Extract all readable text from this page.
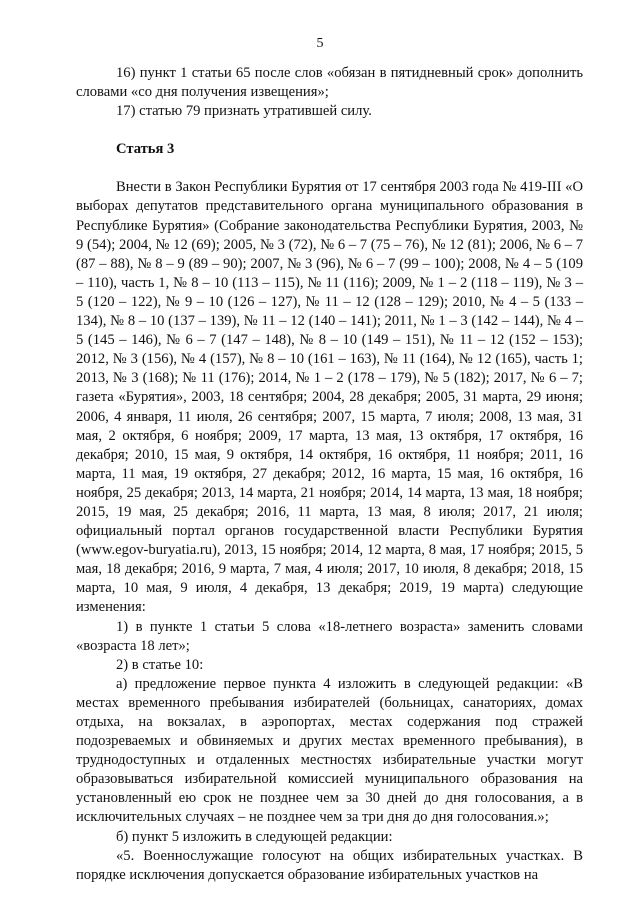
5

16) пункт 1 статьи 65 после слов «обязан в пятидневный срок» дополнить словами «со дня получения извещения»;

17) статью 79 признать утратившей силу.

Статья 3

Внести в Закон Республики Бурятия от 17 сентября 2003 года № 419-III «О выборах депутатов представительного органа муниципального образования в Республике Бурятия» (Собрание законодательства Республики Бурятия, 2003, № 9 (54); 2004, № 12 (69); 2005, № 3 (72), № 6 – 7 (75 – 76), № 12 (81); 2006, № 6 – 7 (87 – 88), № 8 – 9 (89 – 90); 2007, № 3 (96), № 6 – 7 (99 – 100); 2008, № 4 – 5 (109 – 110), часть 1, № 8 – 10 (113 – 115), № 11 (116); 2009, № 1 – 2 (118 – 119), № 3 – 5 (120 – 122), № 9 – 10 (126 – 127), № 11 – 12 (128 – 129); 2010, № 4 – 5 (133 – 134), № 8 – 10 (137 – 139), № 11 – 12 (140 – 141); 2011, № 1 – 3 (142 – 144), № 4 – 5 (145 – 146), № 6 – 7 (147 – 148), № 8 – 10 (149 – 151), № 11 – 12 (152 – 153); 2012, № 3 (156), № 4 (157), № 8 – 10 (161 – 163), № 11 (164), № 12 (165), часть 1; 2013, № 3 (168); № 11 (176); 2014, № 1 – 2 (178 – 179), № 5 (182); 2017, № 6 – 7; газета «Бурятия», 2003, 18 сентября; 2004, 28 декабря; 2005, 31 марта, 29 июня; 2006, 4 января, 11 июля, 26 сентября; 2007, 15 марта, 7 июля; 2008, 13 мая, 31 мая, 2 октября, 6 ноября; 2009, 17 марта, 13 мая, 13 октября, 17 октября, 16 декабря; 2010, 15 мая, 9 октября, 14 октября, 16 октября, 11 ноября; 2011, 16 марта, 11 мая, 19 октября, 27 декабря; 2012, 16 марта, 15 мая, 16 октября, 16 ноября, 25 декабря; 2013, 14 марта, 21 ноября; 2014, 14 марта, 13 мая, 18 ноября; 2015, 19 мая, 25 декабря; 2016, 11 марта, 13 мая, 8 июля; 2017, 21 июля; официальный портал органов государственной власти Республики Бурятия (www.egov-buryatia.ru), 2013, 15 ноября; 2014, 12 марта, 8 мая, 17 ноября; 2015, 5 мая, 18 декабря; 2016, 9 марта, 7 мая, 4 июля; 2017, 10 июля, 8 декабря; 2018, 15 марта, 10 мая, 9 июля, 4 декабря, 13 декабря; 2019, 19 марта) следующие изменения:

1) в пункте 1 статьи 5 слова «18-летнего возраста» заменить словами «возраста 18 лет»;

2) в статье 10:

а) предложение первое пункта 4 изложить в следующей редакции: «В местах временного пребывания избирателей (больницах, санаториях, домах отдыха, на вокзалах, в аэропортах, местах содержания под стражей подозреваемых и обвиняемых и других местах временного пребывания), в труднодоступных и отдаленных местностях избирательные участки могут образовываться избирательной комиссией муниципального образования на установленный ею срок не позднее чем за 30 дней до дня голосования, а в исключительных случаях – не позднее чем за три дня до дня голосования.»;

б) пункт 5 изложить в следующей редакции:

«5. Военнослужащие голосуют на общих избирательных участках. В порядке исключения допускается образование избирательных участков на
